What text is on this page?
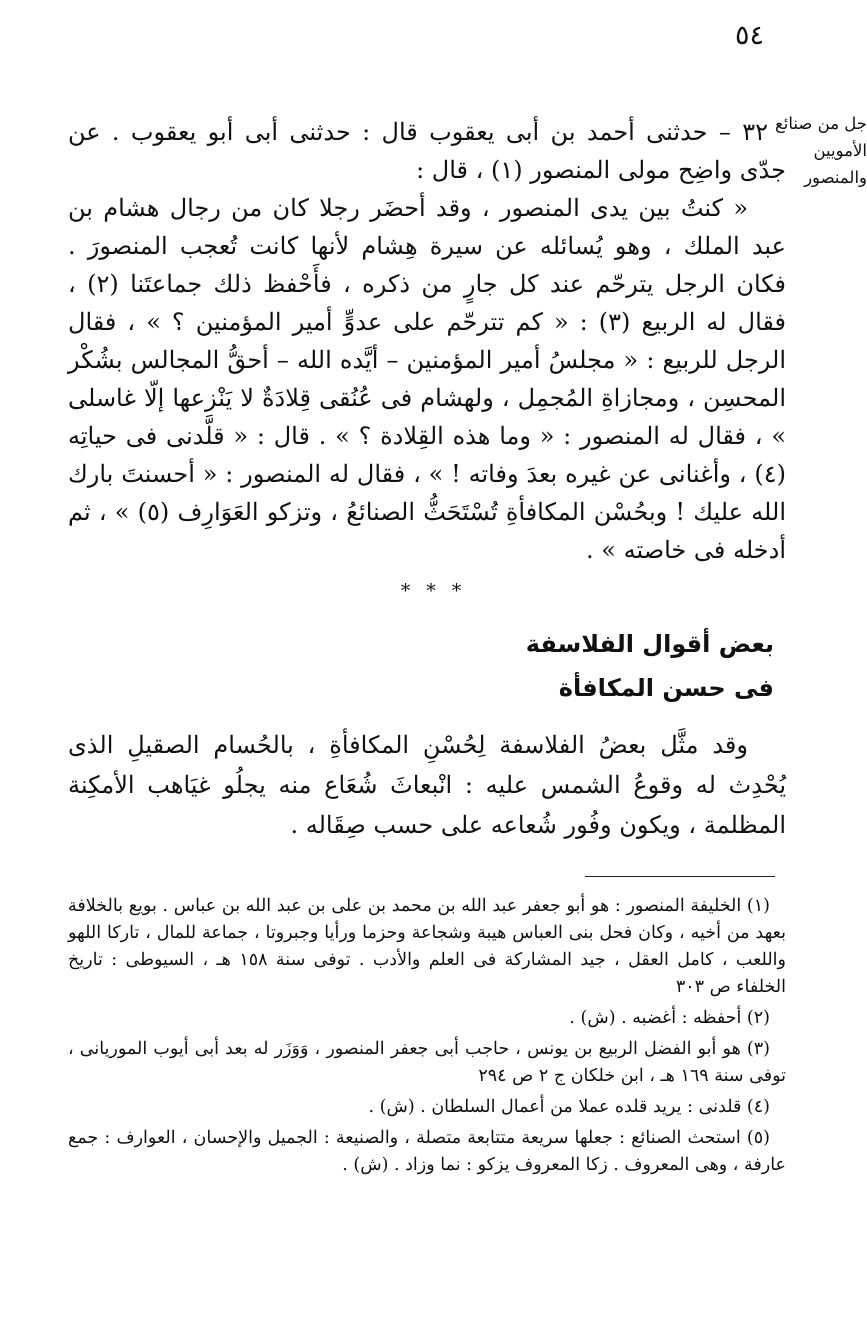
٥٤
جل من صنائع
الأمويين
والمنصور

٣٢ – حدثنى أحمد بن أبى يعقوب قال : حدثنى أبى أبو يعقوب . عن جدّى واضِح مولى المنصور (١) ، قال :

« كنتُ بين يدى المنصور ، وقد أحضَر رجلا كان من رجال هشام بن عبد الملك ، وهو يُسائله عن سيرة هِشام لأنها كانت تُعجب المنصورَ . فكان الرجل يترحّم عند كل جارٍ من ذكره ، فأَحْفظ ذلك جماعتَنا (٢) ، فقال له الربيع (٣) : « كم تترحّم على عدوٍّ أمير المؤمنين ؟ » ، فقال الرجل للربيع : « مجلسُ أمير المؤمنين – أيَّده الله – أحقُّ المجالس بشُكْر المحسِن ، ومجازاةِ المُجمِل ، ولهشام فى عُنُقى قِلادَةٌ لا يَنْزعها إلّا غاسلى » ، فقال له المنصور : « وما هذه القِلادة ؟ » . قال : « قلَّدنى فى حياتِه (٤) ، وأغنانى عن غيره بعدَ وفاته ! » ، فقال له المنصور : « أحسنتَ بارك الله عليك ! وبحُسْن المكافأةِ تُسْتَحَثُّ الصنائعُ ، وتزكو العَوَارِف (٥) » ، ثم أدخله فى خاصته » .

* * *
بعض أقوال الفلاسفة
فى حسن المكافأة

وقد مثَّل بعضُ الفلاسفة لِحُسْنِ المكافأةِ ، بالحُسام الصقيلِ الذى يُحْدِث له وقوعُ الشمس عليه : انْبعاثَ شُعَاع منه يجلُو غيَاهب الأمكِنة المظلمة ، ويكون وفُور شُعاعه على حسب صِقَاله .

(١) الخليفة المنصور : هو أبو جعفر عبد الله بن محمد بن على بن عبد الله بن عباس . بويع بالخلافة بعهد من أخيه ، وكان فحل بنى العباس هيبة وشجاعة وحزما ورأيا وجبروتا ، جماعة للمال ، تاركا اللهو واللعب ، كامل العقل ، جيد المشاركة فى العلم والأدب . توفى سنة ١٥٨ هـ ، السيوطى : تاريخ الخلفاء ص ٣٠٣

(٢) أحفظه : أغضبه . (ش) .

(٣) هو أبو الفضل الربيع بن يونس ، حاجب أبى جعفر المنصور ، وَوَزَر له بعد أبى أيوب الموريانى ، توفى سنة ١٦٩ هـ ، ابن خلكان ج ٢ ص ٢٩٤

(٤) قلدنى : يريد قلده عملا من أعمال السلطان . (ش) .

(٥) استحث الصنائع : جعلها سريعة متتابعة متصلة ، والصنيعة : الجميل والإحسان ، العوارف : جمع عارفة ، وهى المعروف . زكا المعروف يزكو : نما وزاد . (ش) .
